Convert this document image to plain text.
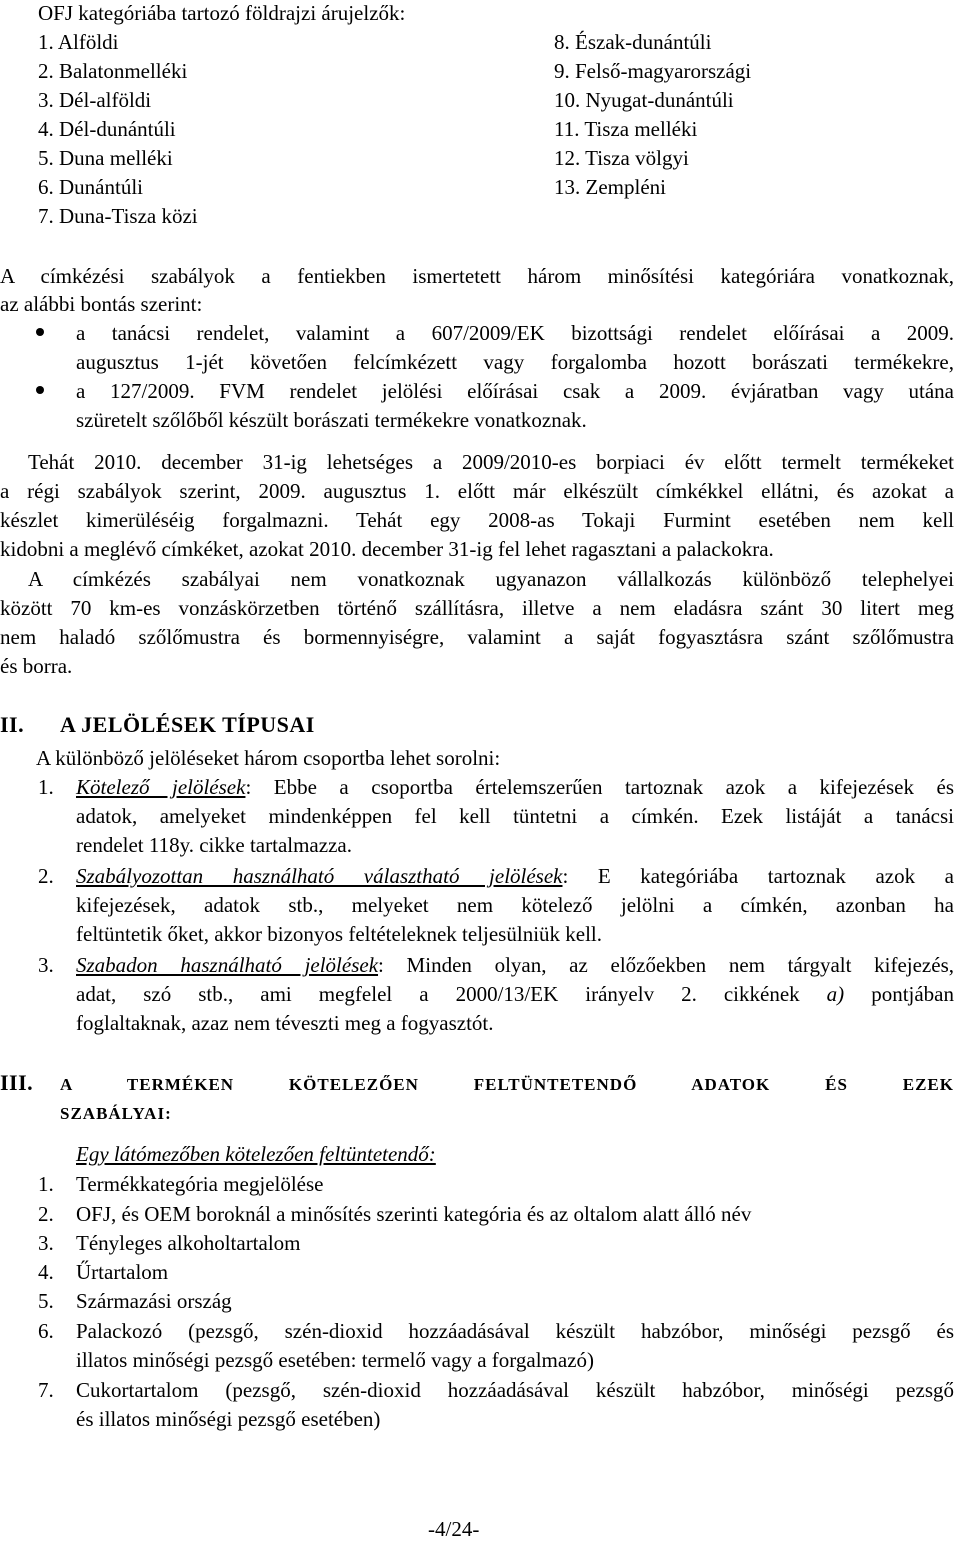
OFJ kategóriába tartozó földrajzi árujelzők:
1. Alföldi
2. Balatonmelléki
3. Dél-alföldi
4. Dél-dunántúli
5. Duna melléki
6. Dunántúli
7. Duna-Tisza közi
8. Észak-dunántúli
9. Felső-magyarországi
10. Nyugat-dunántúli
11. Tisza melléki
12. Tisza völgyi
13. Zempléni
A címkézési szabályok a fentiekben ismertetett három minősítési kategóriára vonatkoznak,
az alábbi bontás szerint:
a tanácsi rendelet, valamint a 607/2009/EK bizottsági rendelet előírásai a 2009.
augusztus 1-jét követően felcímkézett vagy forgalomba hozott borászati termékekre,
a 127/2009. FVM rendelet jelölési előírásai csak a 2009. évjáratban vagy utána
szüretelt szőlőből készült borászati termékekre vonatkoznak.
Tehát 2010. december 31-ig lehetséges a 2009/2010-es borpiaci év előtt termelt termékeket
a régi szabályok szerint, 2009. augusztus 1. előtt már elkészült címkékkel ellátni, és azokat a
készlet kimerüléséig forgalmazni. Tehát egy 2008-as Tokaji Furmint esetében nem kell
kidobni a meglévő címkéket, azokat 2010. december 31-ig fel lehet ragasztani a palackokra.
A címkézés szabályai nem vonatkoznak ugyanazon vállalkozás különböző telephelyei
között 70 km-es vonzáskörzetben történő szállításra, illetve a nem eladásra szánt 30 litert meg
nem haladó szőlőmustra és bormennyiségre, valamint a saját fogyasztásra szánt szőlőmustra
és borra.
II. A JELÖLÉSEK TÍPUSAI
A különböző jelöléseket három csoportba lehet sorolni:
1. Kötelező jelölések: Ebbe a csoportba értelemszerűen tartoznak azok a kifejezések és
adatok, amelyeket mindenképpen fel kell tüntetni a címkén. Ezek listáját a tanácsi
rendelet 118y. cikke tartalmazza.
2. Szabályozottan használható választható jelölések: E kategóriába tartoznak azok a
kifejezések, adatok stb., melyeket nem kötelező jelölni a címkén, azonban ha
feltüntetik őket, akkor bizonyos feltételeknek teljesülniük kell.
3. Szabadon használható jelölések: Minden olyan, az előzőekben nem tárgyalt kifejezés,
adat, szó stb., ami megfelel a 2000/13/EK irányelv 2. cikkének a) pontjában
foglaltaknak, azaz nem téveszti meg a fogyasztót.
III. A TERMÉKEN KÖTELEZŐEN FELTÜNTETENDŐ ADATOK ÉS EZEK
SZABÁLYAI:
Egy látómezőben kötelezően feltüntetendő:
1. Termékkategória megjelölése
2. OFJ, és OEM boroknál a minősítés szerinti kategória és az oltalom alatt álló név
3. Tényleges alkoholtartalom
4. Űrtartalom
5. Származási ország
6. Palackozó (pezsgő, szén-dioxid hozzáadásával készült habzóbor, minőségi pezsgő és
illatos minőségi pezsgő esetében: termelő vagy a forgalmazó)
7. Cukortartalom (pezsgő, szén-dioxid hozzáadásával készült habzóbor, minőségi pezsgő
és illatos minőségi pezsgő esetében)
-4/24-
